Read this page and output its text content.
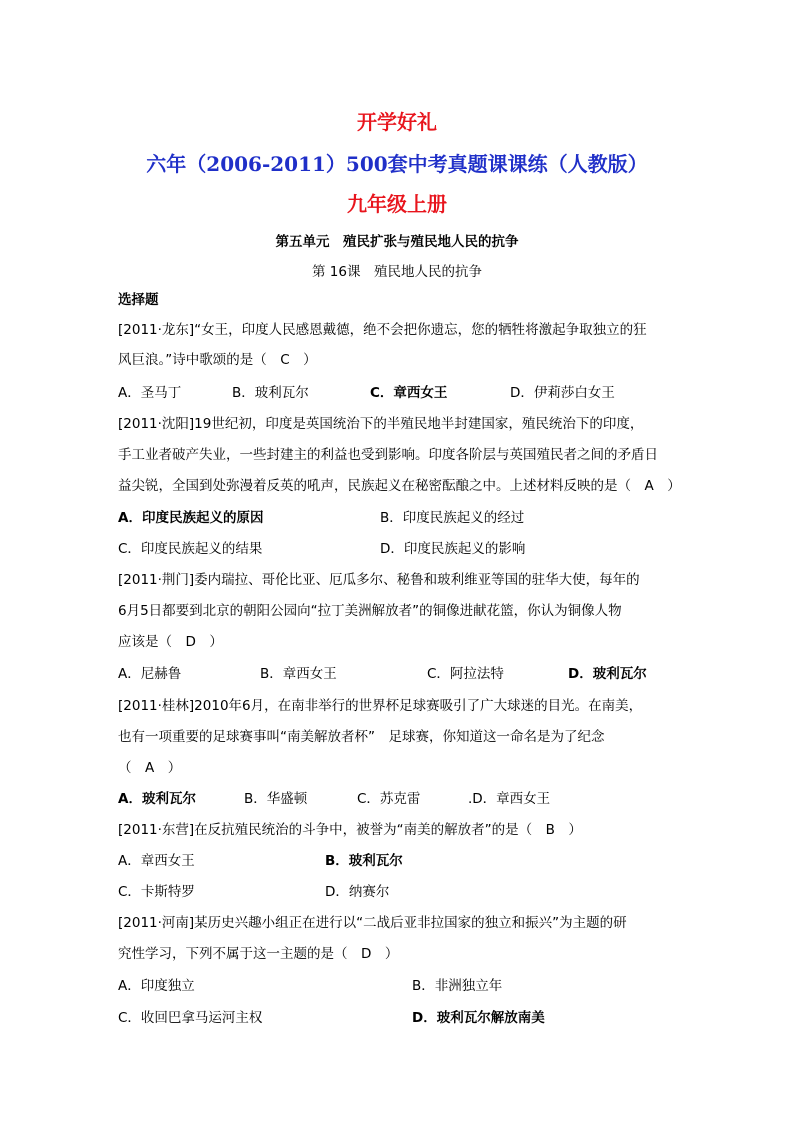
开学好礼
六年（2006-2011）500套中考真题课课练（人教版）
九年级上册
第五单元　殖民扩张与殖民地人民的抗争
第 16课　殖民地人民的抗争
选择题
[2011·龙东]“女王，印度人民感恩戴德，绝不会把你遗忘，您的牺牲将激起争取独立的狂
风巨浪。”诗中歌颂的是（　C　）
A．圣马丁	B．玻利瓦尔	C．章西女王	D．伊莉莎白女王
[2011·沈阳]19世纪初，印度是英国统治下的半殖民地半封建国家，殖民统治下的印度，
手工业者破产失业，一些封建主的利益也受到影响。印度各阶层与英国殖民者之间的矛盾日
益尖锐，全国到处弥漫着反英的吼声，民族起义在秘密酝酿之中。上述材料反映的是（　A　）
A．印度民族起义的原因	B．印度民族起义的经过
C．印度民族起义的结果	D．印度民族起义的影响
[2011·荆门]委内瑞拉、哥伦比亚、厄瓜多尔、秘鲁和玻利维亚等国的驻华大使，每年的
6月5日都要到北京的朝阳公园向“拉丁美洲解放者”的铜像进献花篮，你认为铜像人物
应该是（　D　）
A．尼赫鲁	B．章西女王	C．阿拉法特	D．玻利瓦尔
[2011·桂林]2010年6月，在南非举行的世界杯足球赛吸引了广大球迷的目光。在南美，
也有一项重要的足球赛事叫“南美解放者杯”　足球赛，你知道这一命名是为了纪念
（　A　）
A．玻利瓦尔	B．华盛顿	C．苏克雷	.D．章西女王
[2011·东营]在反抗殖民统治的斗争中，被誉为“南美的解放者”的是（　B　）
A．章西女王	B．玻利瓦尔
C．卡斯特罗	D．纳赛尔
[2011·河南]某历史兴趣小组正在进行以“二战后亚非拉国家的独立和振兴”为主题的研
究性学习，下列不属于这一主题的是（　D　）
A．印度独立	B．非洲独立年
C．收回巴拿马运河主权	D．玻利瓦尔解放南美
